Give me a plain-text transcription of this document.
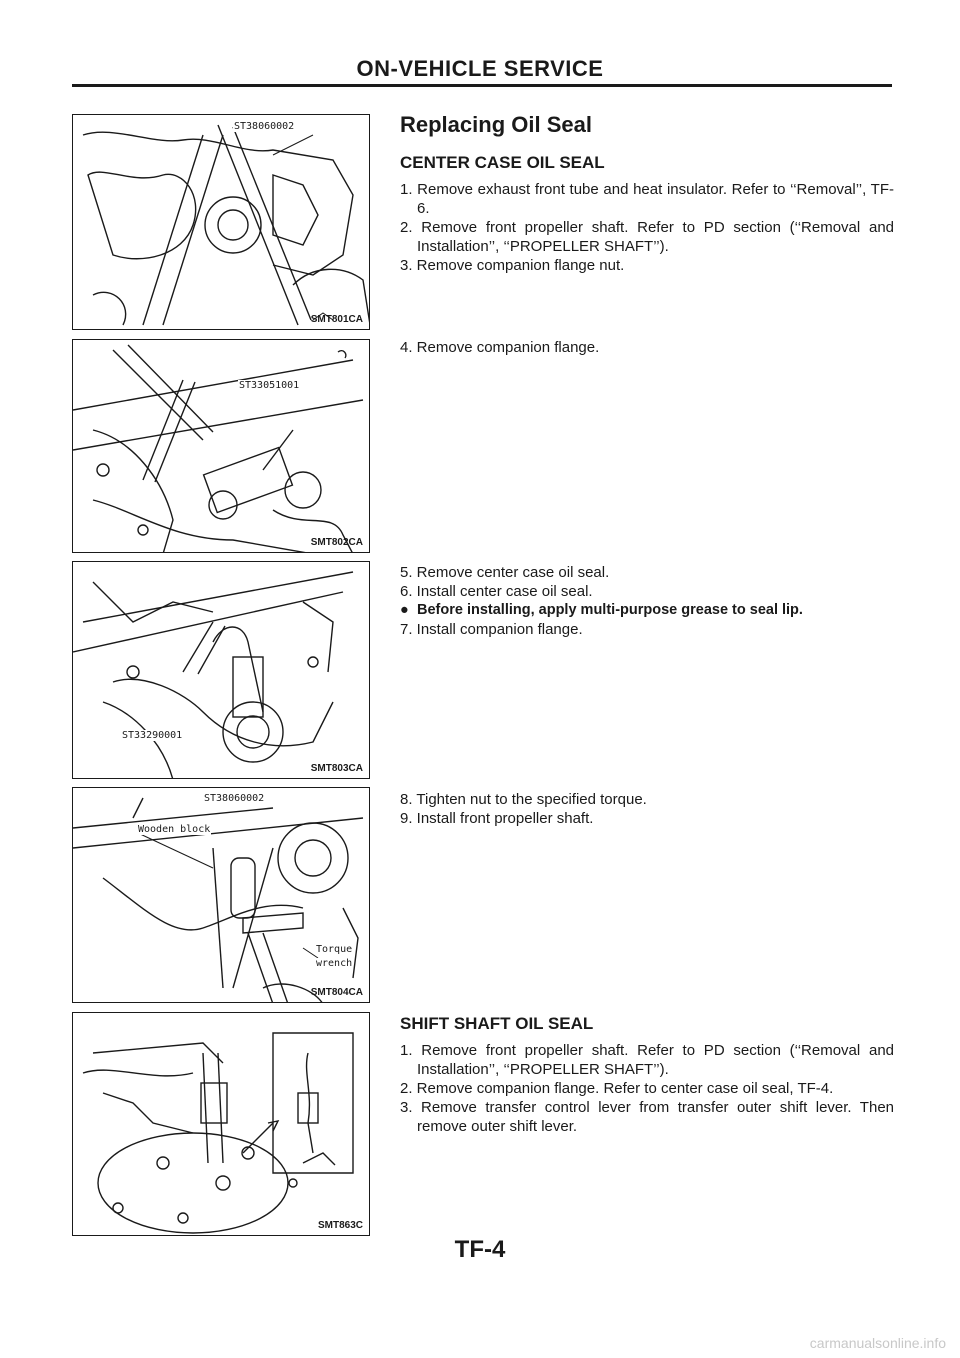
ON-VEHICLE SERVICE
ST38060002
SMT801CA
ST33051001
SMT802CA
ST33290001
SMT803CA
ST38060002
Wooden block
Torque
wrench
SMT804CA
SMT863C
Replacing Oil Seal
CENTER CASE OIL SEAL
1. Remove exhaust front tube and heat insulator. Refer to ‘‘Removal’’, TF-6.
2. Remove front propeller shaft. Refer to PD section (‘‘Removal and Installation’’, ‘‘PROPELLER SHAFT’’).
3. Remove companion flange nut.
4. Remove companion flange.
5. Remove center case oil seal.
6. Install center case oil seal.
● Before installing, apply multi-purpose grease to seal lip.
7. Install companion flange.
8. Tighten nut to the specified torque.
9. Install front propeller shaft.
SHIFT SHAFT OIL SEAL
1. Remove front propeller shaft. Refer to PD section (‘‘Removal and Installation’’, ‘‘PROPELLER SHAFT’’).
2. Remove companion flange. Refer to center case oil seal, TF-4.
3. Remove transfer control lever from transfer outer shift lever. Then remove outer shift lever.
TF-4
carmanualsonline.info
